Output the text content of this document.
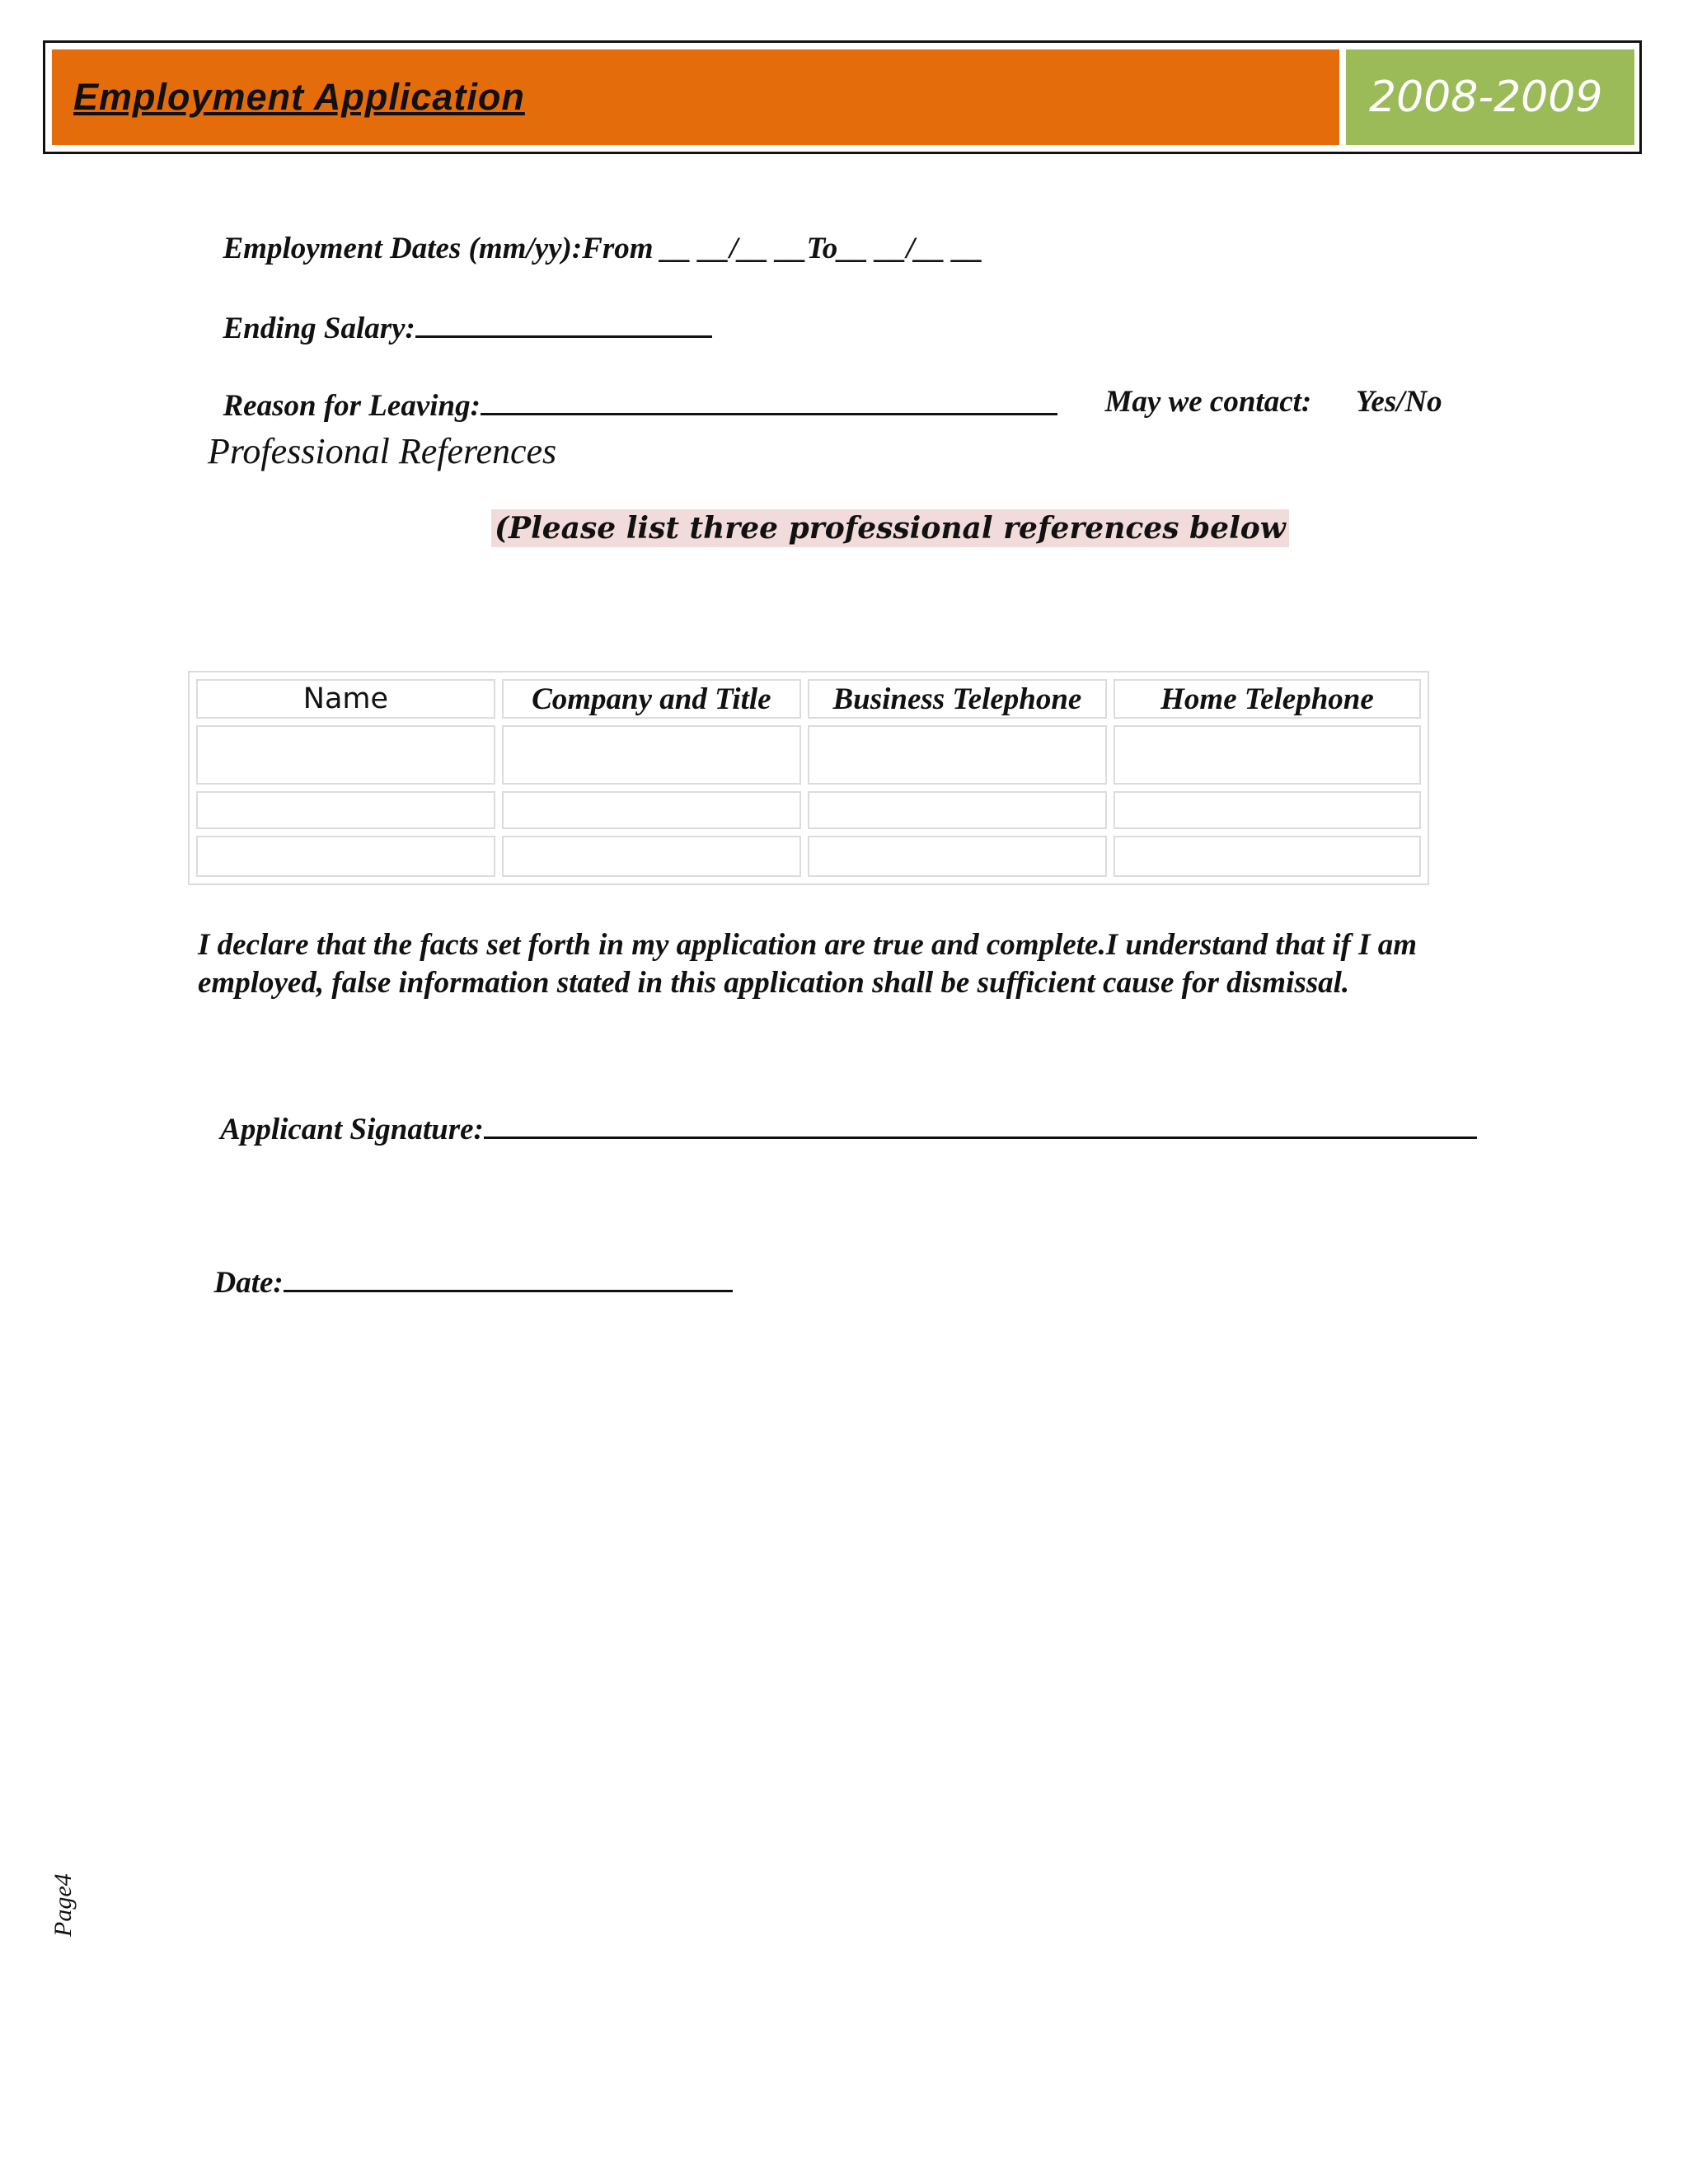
Employment Application	2008-2009

Employment Dates (mm/yy):From __ __/__ __To__ __/__ __

Ending Salary:

Reason for Leaving:	May we contact:	Yes/No

Professional References
(Please list three professional references below
Name	Company and Title	Business Telephone	Home Telephone

I declare that the facts set forth in my application are true and complete.I understand that if I am employed, false information stated in this application shall be sufficient cause for dismissal.

Applicant Signature:

Date:

Page4
